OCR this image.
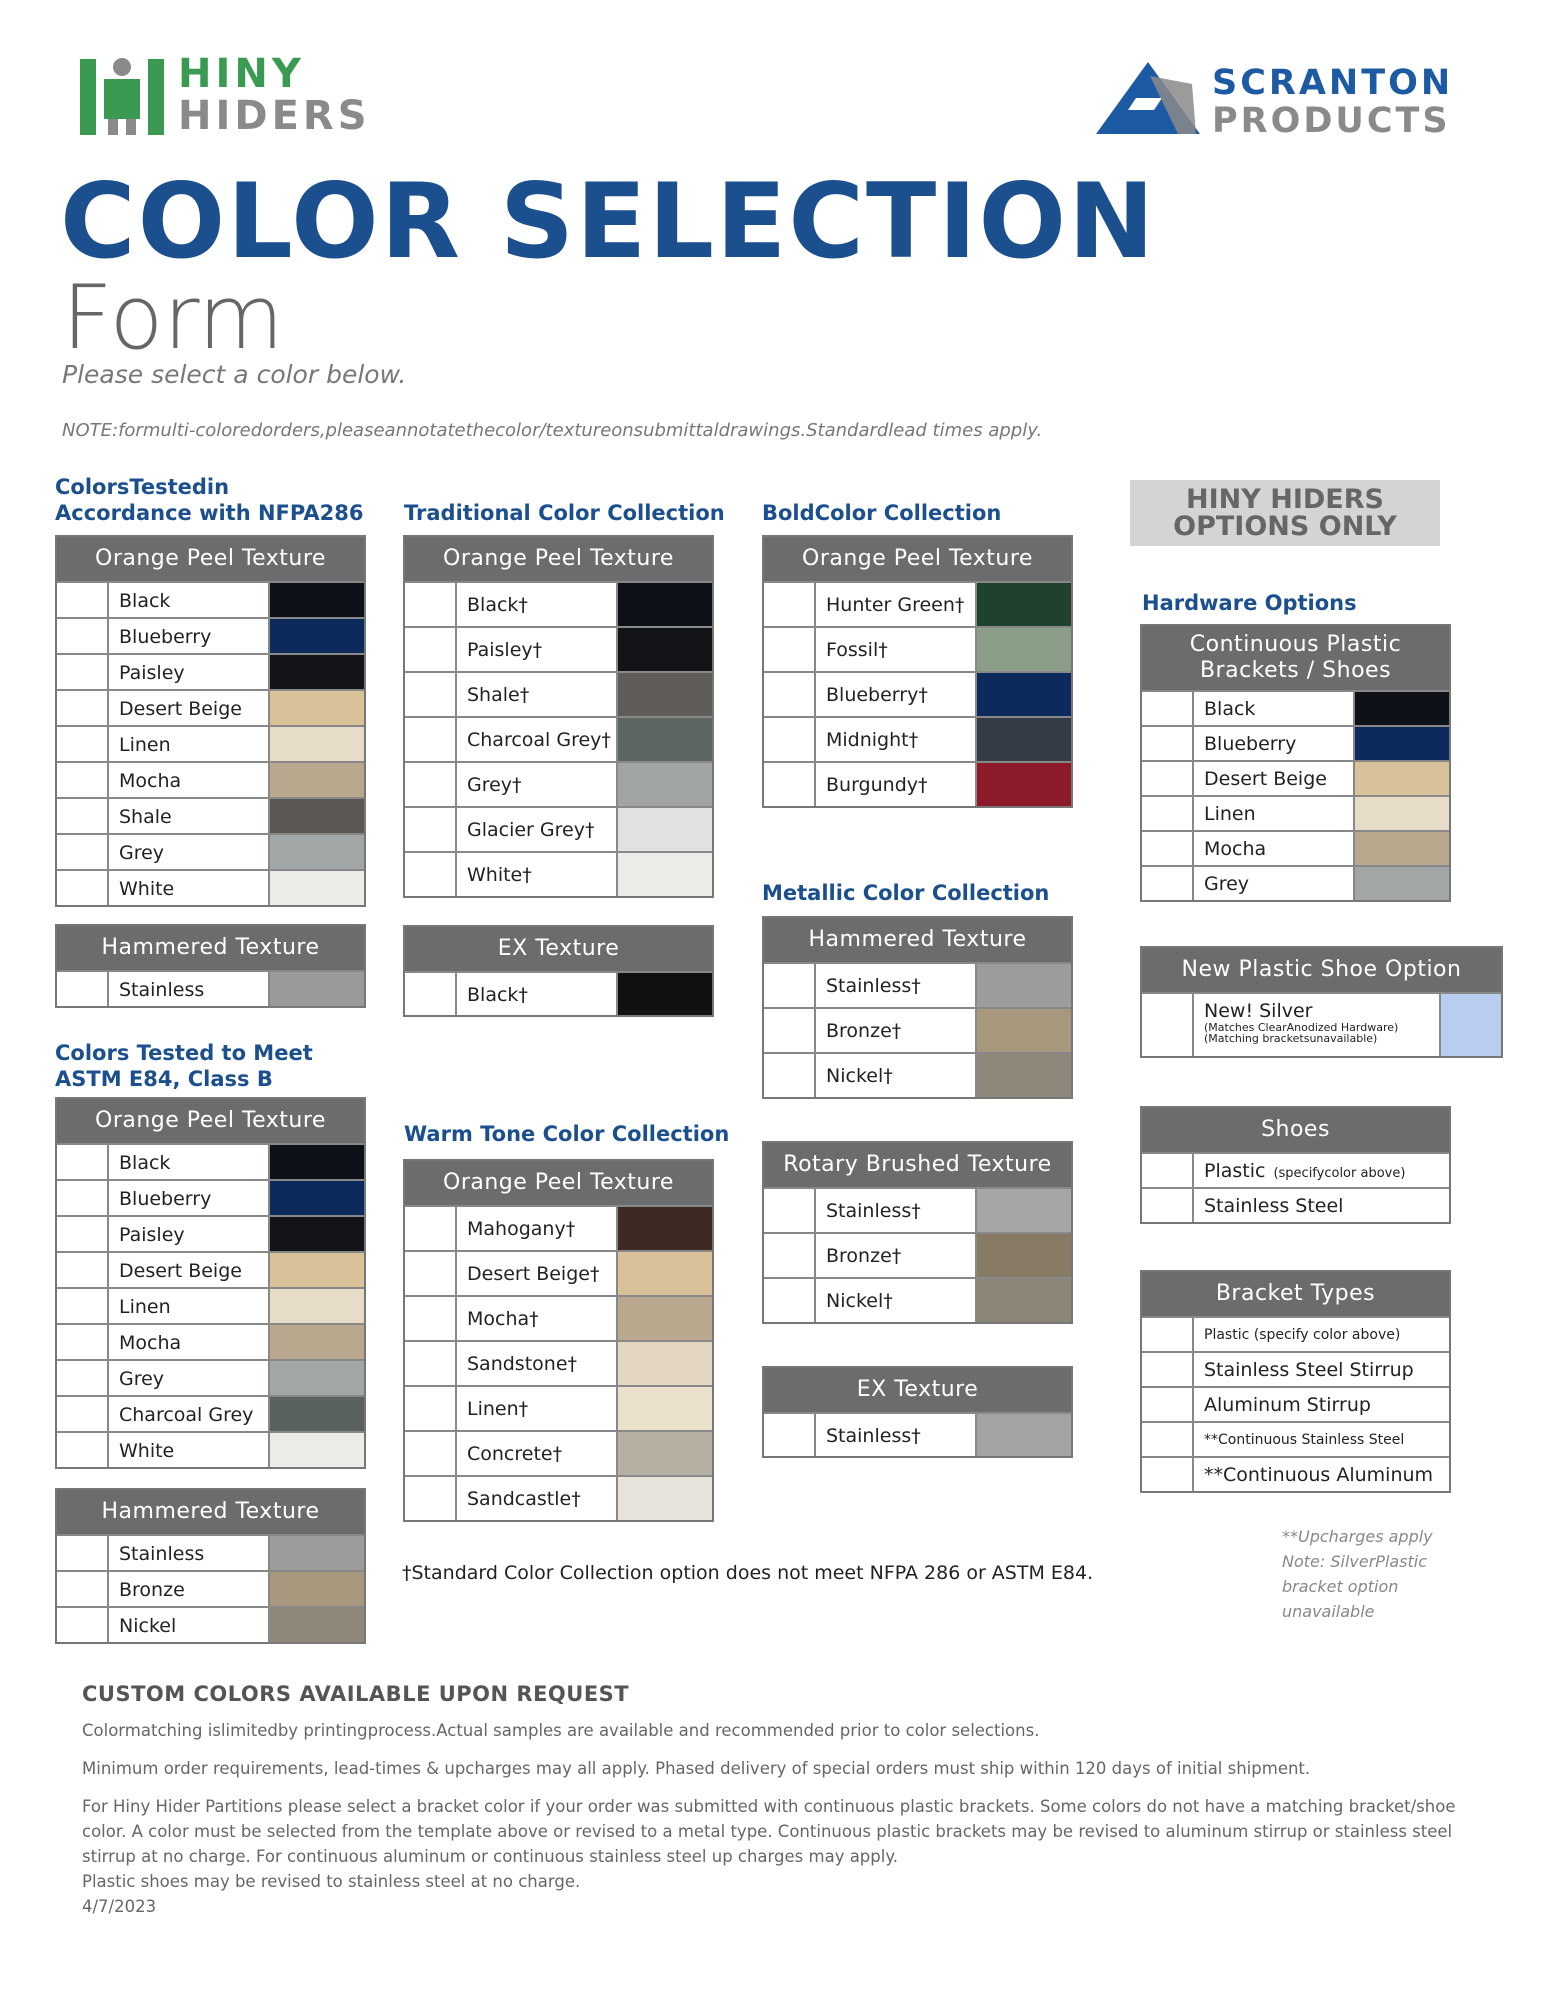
HINY
HIDERS
SCRANTON
PRODUCTS
COLOR SELECTION
Form
Please select a color below.
NOTE:formulti-coloredorders,pleaseannotatethecolor/textureonsubmittaldrawings.Standardlead times apply.
ColorsTestedin
Accordance with NFPA286 Traditional Color Collection BoldColor Collection
Metallic Color Collection
Warm Tone Color Collection
Colors Tested to Meet
ASTM E84, Class B
Hardware Options
HINY HIDERS
OPTIONS ONLY
Orange Peel Texture
Black
Blueberry
Paisley
Desert Beige
Linen
Mocha
Shale
Grey
White
Hammered Texture
Stainless
Orange Peel Texture
Black
Blueberry
Paisley
Desert Beige
Linen
Mocha
Grey
Charcoal Grey
White
Hammered Texture
Stainless
Bronze
Nickel
Orange Peel Texture
Black†
Paisley†
Shale†
Charcoal Grey†
Grey†
Glacier Grey†
White†
EX Texture
Black†
Orange Peel Texture
Mahogany†
Desert Beige†
Mocha†
Sandstone†
Linen†
Concrete†
Sandcastle†
Orange Peel Texture
Hunter Green†
Fossil†
Blueberry†
Midnight†
Burgundy†
Hammered Texture
Stainless†
Bronze†
Nickel†
Rotary Brushed Texture
Stainless†
Bronze†
Nickel†
EX Texture
Stainless†
Continuous Plastic
Brackets / Shoes
Black
Blueberry
Desert Beige
Linen
Mocha
Grey
New Plastic Shoe Option
New! Silver
(Matches ClearAnodized Hardware)
(Matching bracketsunavailable)
Shoes
Plastic (specifycolor above)
Stainless Steel
Bracket Types
Plastic (specify color above)
Stainless Steel Stirrup
Aluminum Stirrup
**Continuous Stainless Steel
**Continuous Aluminum
†Standard Color Collection option does not meet NFPA 286 or ASTM E84.
**Upcharges apply
Note: SilverPlastic
bracket option
unavailable
CUSTOM COLORS AVAILABLE UPON REQUEST
Colormatching islimitedby printingprocess.Actual samples are available and recommended prior to color selections.
Minimum order requirements, lead-times & upcharges may all apply. Phased delivery of special orders must ship within 120 days of initial shipment.
For Hiny Hider Partitions please select a bracket color if your order was submitted with continuous plastic brackets. Some colors do not have a matching bracket/shoe color. A color must be selected from the template above or revised to a metal type. Continuous plastic brackets may be revised to aluminum stirrup or stainless steel stirrup at no charge. For continuous aluminum or continuous stainless steel up charges may apply.
Plastic shoes may be revised to stainless steel at no charge.
4/7/2023
